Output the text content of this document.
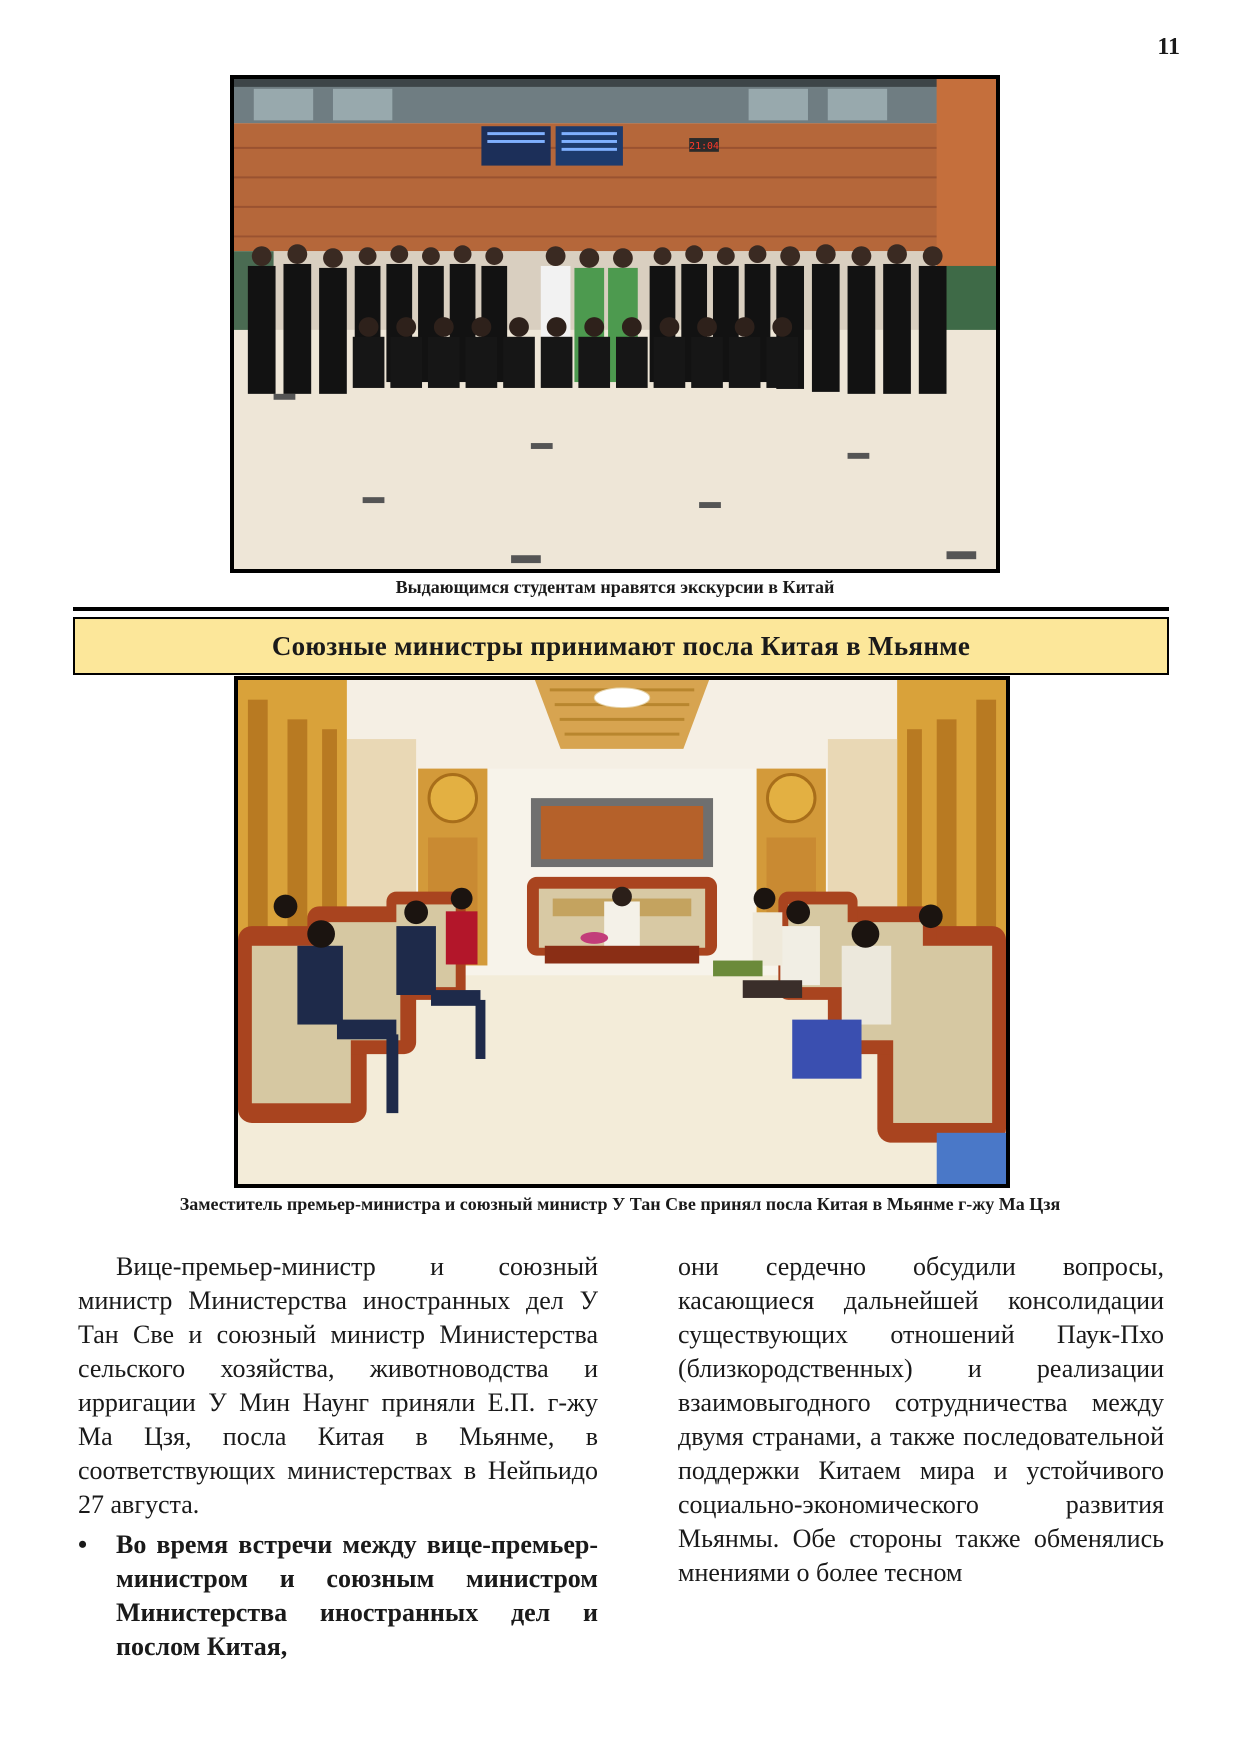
11
21:04
Выдающимся студентам нравятся экскурсии в Китай
Союзные министры принимают посла Китая в Мьянме
Заместитель премьер-министра и союзный министр У Тан Све принял посла Китая в Мьянме г-жу Ма Цзя

Вице-премьер-министр и союзный министр Министерства иностранных дел У Тан Све и союзный министр Министерства сельского хозяйства, животноводства и ирригации У Мин Наунг приняли Е.П. г-жу Ма Цзя, посла Китая в Мьянме, в соответствующих министерствах в Нейпьидо 27 августа.

• Во время встречи между вице-премьер-министром и союзным министром Министерства иностранных дел и послом Китая,

они сердечно обсудили вопросы, касающиеся дальнейшей консолидации существующих отношений Паук-Пхо (близкородственных) и реализации взаимовыгодного сотрудничества между двумя странами, а также последовательной поддержки Китаем мира и устойчивого социально-экономического развития Мьянмы. Обе стороны также обменялись мнениями о более тесном
